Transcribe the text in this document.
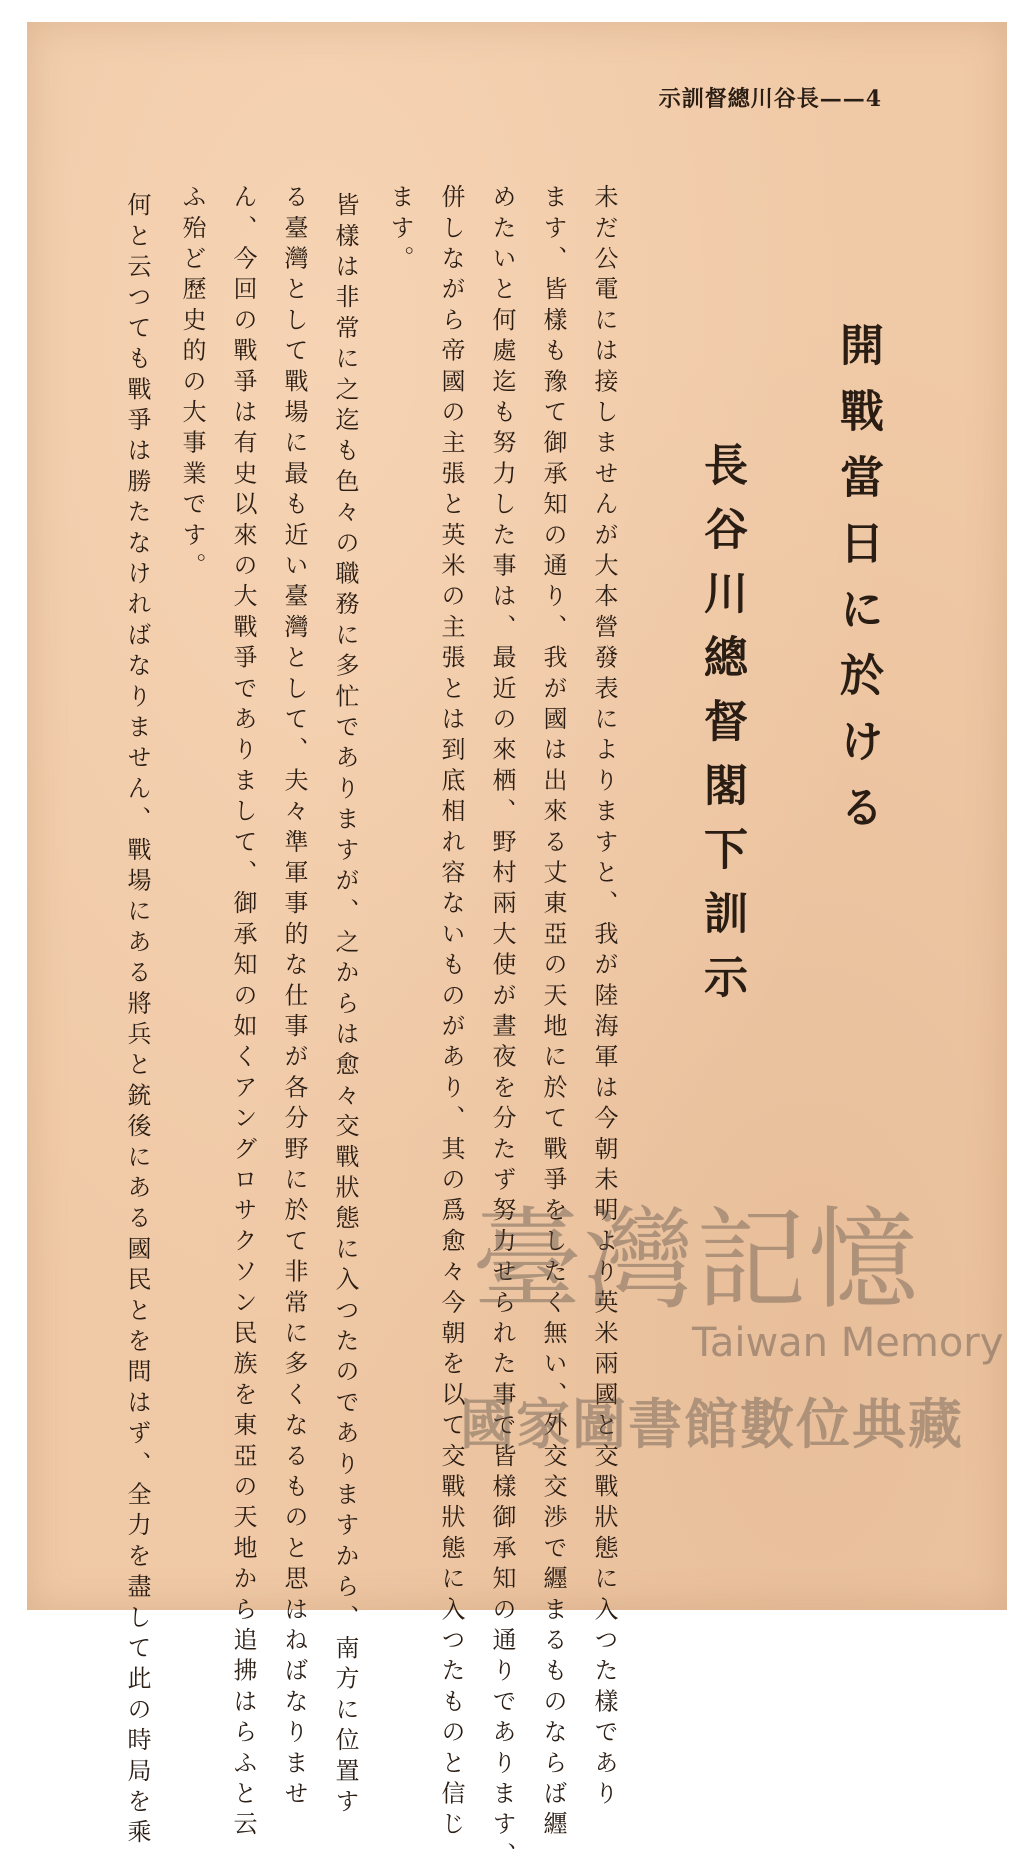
示訓督總川谷長——4
開戰當日に於ける
長谷川總督閣下訓示
未だ公電には接しませんが大本營發表によりますと、我が陸海軍は今朝未明より英米兩國と交戰狀態に入つた樣であり
ます、皆樣も豫て御承知の通り、我が國は出來る丈東亞の天地に於て戰爭をしたく無い、外交交渉で纒まるものならば纒
めたいと何處迄も努力した事は、最近の來栖、野村兩大使が晝夜を分たず努力せられた事で皆樣御承知の通りであります、
併しながら帝國の主張と英米の主張とは到底相れ容ないものがあり、其の爲愈々今朝を以て交戰狀態に入つたものと信じ
ます。
皆樣は非常に之迄も色々の職務に多忙でありますが、之からは愈々交戰狀態に入つたのでありますから、南方に位置す
る臺灣として戰場に最も近い臺灣として、夫々準軍事的な仕事が各分野に於て非常に多くなるものと思はねばなりませ
ん、今回の戰爭は有史以來の大戰爭でありまして、御承知の如くアングロサクソン民族を東亞の天地から追拂はらふと云
ふ殆ど歷史的の大事業です。
何と云つても戰爭は勝たなければなりません、戰場にある將兵と銃後にある國民とを問はず、全力を盡して此の時局を乘	臺灣記憶
Taiwan Memory
國家圖書館數位典藏
